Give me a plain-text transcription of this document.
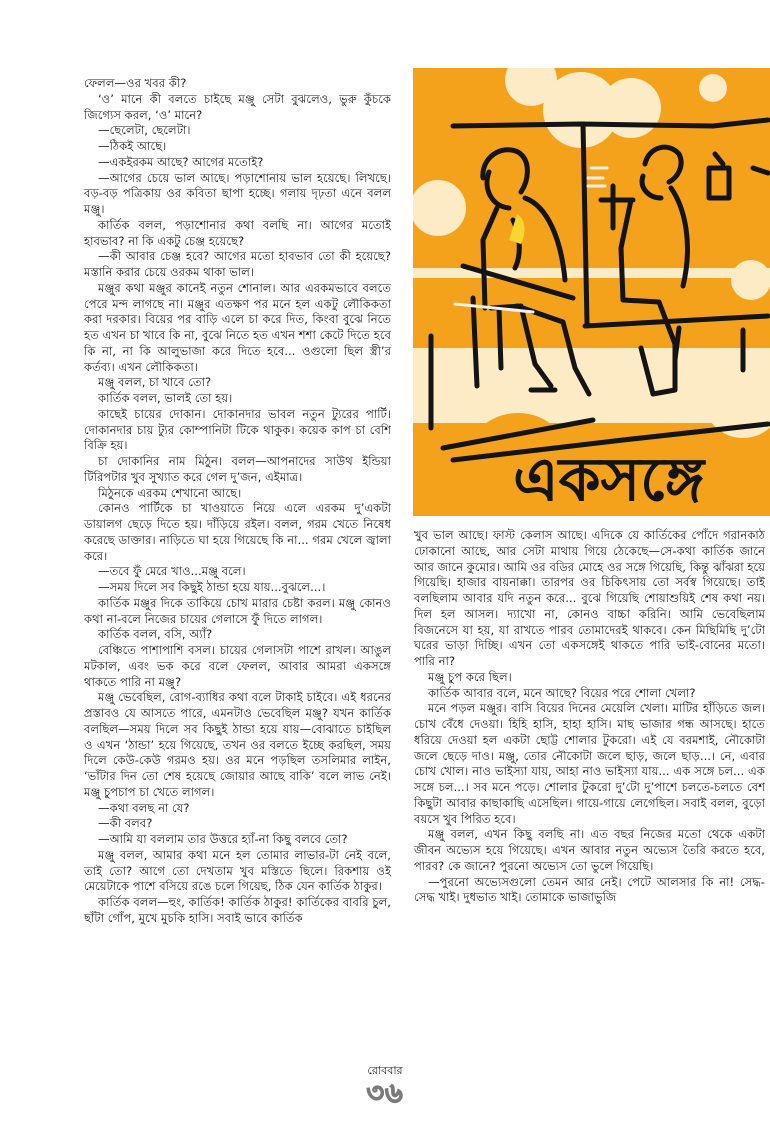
ফেলল—ওর খবর কী?

‘ও’ মানে কী বলতে চাইছে মঞ্জু সেটা বুঝলেও, ভুরু কুঁচকে জিগ্যেস করল, ‘ও’ মানে?

—ছেলেটা, ছেলেটা।

—ঠিকই আছে।

—একইরকম আছে? আগের মতোই?

—আগের চেয়ে ভাল আছে। পড়াশোনায় ভাল হয়েছে। লিখছে। বড়-বড় পত্রিকায় ওর কবিতা ছাপা হচ্ছে। গলায় দৃঢ়তা এনে বলল মঞ্জু।

কার্তিক বলল, পড়াশোনার কথা বলছি না। আগের মতোই হাবভাব? না কি একটু চেঞ্জ হয়েছে?

—কী আবার চেঞ্জ হবে? আগের মতো হাবভাব তো কী হয়েছে? মস্তানি করার চেয়ে ওরকম থাকা ভাল।

মঞ্জুর কথা মঞ্জুর কানেই নতুন শোনাল। আর এরকমভাবে বলতে পেরে মন্দ লাগছে না। মঞ্জুর এতক্ষণ পর মনে হল একটু লৌকিকতা করা দরকার। বিয়ের পর বাড়ি এলে চা করে দিত, কিংবা বুঝে নিতে হত এখন চা খাবে কি না, বুঝে নিতে হত এখন শশা কেটে দিতে হবে কি না, না কি আলুভাজা করে দিতে হবে... ওগুলো ছিল স্ত্রী’র কর্তব্য। এখন লৌকিকতা।

মঞ্জু বলল, চা খাবে তো?

কার্তিক বলল, ভালই তো হয়।

কাছেই চায়ের দোকান। দোকানদার ভাবল নতুন ট্যুরের পার্টি। দোকানদার চায় ট্যুর কোম্পানিটা টিকে থাকুক। কয়েক কাপ চা বেশি বিক্রি হয়।

চা দোকানির নাম মিঠুন। বলল—আপনাদের সাউথ ইন্ডিয়া টিরিপটার খুব সুখ্যাত করে গেল দু’জন, এইমাত্র।

মিঠুনকে এরকম শেখানো আছে।

কোনও পার্টিকে চা খাওয়াতে নিয়ে এলে এরকম দু’একটা ডায়ালগ ছেড়ে দিতে হয়। দাঁড়িয়ে রইল। বলল, গরম খেতে নিষেধ করেছে ডাক্তার। নাড়িতে ঘা হয়ে গিয়েছে কি না... গরম খেলে জ্বালা করে।

—তবে ফুঁ মেরে খাও...মঞ্জু বলে।

—সময় দিলে সব কিছুই ঠান্ডা হয়ে যায়...বুঝলে...।

কার্তিক মঞ্জুর দিকে তাকিয়ে চোখ মারার চেষ্টা করল। মঞ্জু কোনও কথা না-বলে নিজের চায়ের গেলাসে ফুঁ দিতে লাগল।

কার্তিক বলল, বসি, অ্যাঁ?

বেঞ্চিতে পাশাপাশি বসল। চায়ের গেলাসটা পাশে রাখল। আঙুল মটকাল, এবং ভক করে বলে ফেলল, আবার আমরা একসঙ্গে থাকতে পারি না মঞ্জু?

মঞ্জু ভেবেছিল, রোগ-ব্যাধির কথা বলে টাকাই চাইবে। এই ধরনের প্রস্তাবও যে আসতে পারে, এমনটাও ভেবেছিল মঞ্জু? যখন কার্তিক বলছিল—সময় দিলে সব কিছুই ঠান্ডা হয়ে যায়—বোঝাতে চাইছিল ও এখন ‘ঠান্ডা’ হয়ে গিয়েছে, তখন ওর বলতে ইচ্ছে করছিল, সময় দিলে কেউ-কেউ গরমও হয়। ওর মনে পড়ছিল তসলিমার লাইন, ‘ভাঁটার দিন তো শেষ হয়েছে জোয়ার আছে বাকি’ বলে লাভ নেই। মঞ্জু চুপচাপ চা খেতে লাগল।

—কথা বলছ না যে?

—কী বলব?

—আমি যা বললাম তার উত্তরে হ্যাঁ-না কিছু বলবে তো?

মঞ্জু বলল, আমার কথা মনে হল তোমার লাভার-টা নেই বলে, তাই তো? আগে তো দেখতাম খুব মস্তিতে ছিলে। রিকশায় ওই মেয়েটাকে পাশে বসিয়ে রঙে চলে গিয়েছ, ঠিক যেন কার্তিক ঠাকুর।

কার্তিক বলল—হুং, কার্তিক! কার্তিক ঠাকুর! কার্তিকের বাবরি চুল, ছাঁটা গোঁপ, মুখে মুচকি হাসি। সবাই ভাবে কার্তিক

একসঙ্গে

খুব ভাল আছে। ফাস্ট কেলাস আছে। এদিকে যে কার্তিকের পোঁদে গরানকাঠ ঢোকানো আছে, আর সেটা মাথায় গিয়ে ঠেকেছে—সে-কথা কার্তিক জানে আর জানে কুমোর। আমি ওর বডির মোহে ওর সঙ্গে গিয়েছি, কিন্তু ঝাঁঝরা হয়ে গিয়েছি। হাজার বায়নাক্কা। তারপর ওর চিকিৎসায় তো সর্বস্ব গিয়েছে। তাই বলছিলাম আবার যদি নতুন করে... বুঝে গিয়েছি শোয়াশুয়িই শেষ কথা নয়। দিল হল আসল। দ্যাখো না, কোনও বাচ্চা করিনি। আমি ভেবেছিলাম বিজনেসে যা হয়, যা রাখতে পারব তোমাদেরই থাকবে। কেন মিছিমিছি দু’টো ঘরের ভাড়া দিচ্ছি। এখন তো একসঙ্গেই থাকতে পারি ভাই-বোনের মতো। পারি না?

মঞ্জু চুপ করে ছিল।

কার্তিক আবার বলে, মনে আছে? বিয়ের পরে শোলা খেলা?

মনে পড়ল মঞ্জুর। বাসি বিয়ের দিনের মেয়েলি খেলা। মাটির হাঁড়িতে জল। চোখ বেঁধে দেওয়া। হিহি হাসি, হাহা হাসি। মাছ ভাজার গন্ধ আসছে। হাতে ধরিয়ে দেওয়া হল একটা ছোট্ট শোলার টুকরো। এই যে বরমশাই, নৌকোটা জলে ছেড়ে দাও। মঞ্জু, তোর নৌকোটা জলে ছাড়, জলে ছাড়...। নে, এবার চোখ খোল। নাও ভাইস্যা যায়, আহা নাও ভাইস্যা যায়... এক সঙ্গে চল... এক সঙ্গে চল...। সব মনে পড়ে। শোলার টুকরো দু’টো দু’পাশে চলতে-চলতে বেশ কিছুটা আবার কাছাকাছি এসেছিল। গায়ে-গায়ে লেগেছিল। সবাই বলল, বুড়ো বয়সে খুব পিরিত হবে।

মঞ্জু বলল, এখন কিছু বলছি না। এত বছর নিজের মতো থেকে একটা জীবন অভ্যেস হয়ে গিয়েছে। এখন আবার নতুন অভ্যেস তৈরি করতে হবে, পারব? কে জানে? পুরনো অভ্যেস তো ভুলে গিয়েছি।

—পুরনো অভ্যেসগুলো তেমন আর নেই। পেটে আলসার কি না! সেদ্ধ-সেদ্ধ খাই। দুধভাত খাই। তোমাকে ভাজাভুজি

রোববার
৩৬
